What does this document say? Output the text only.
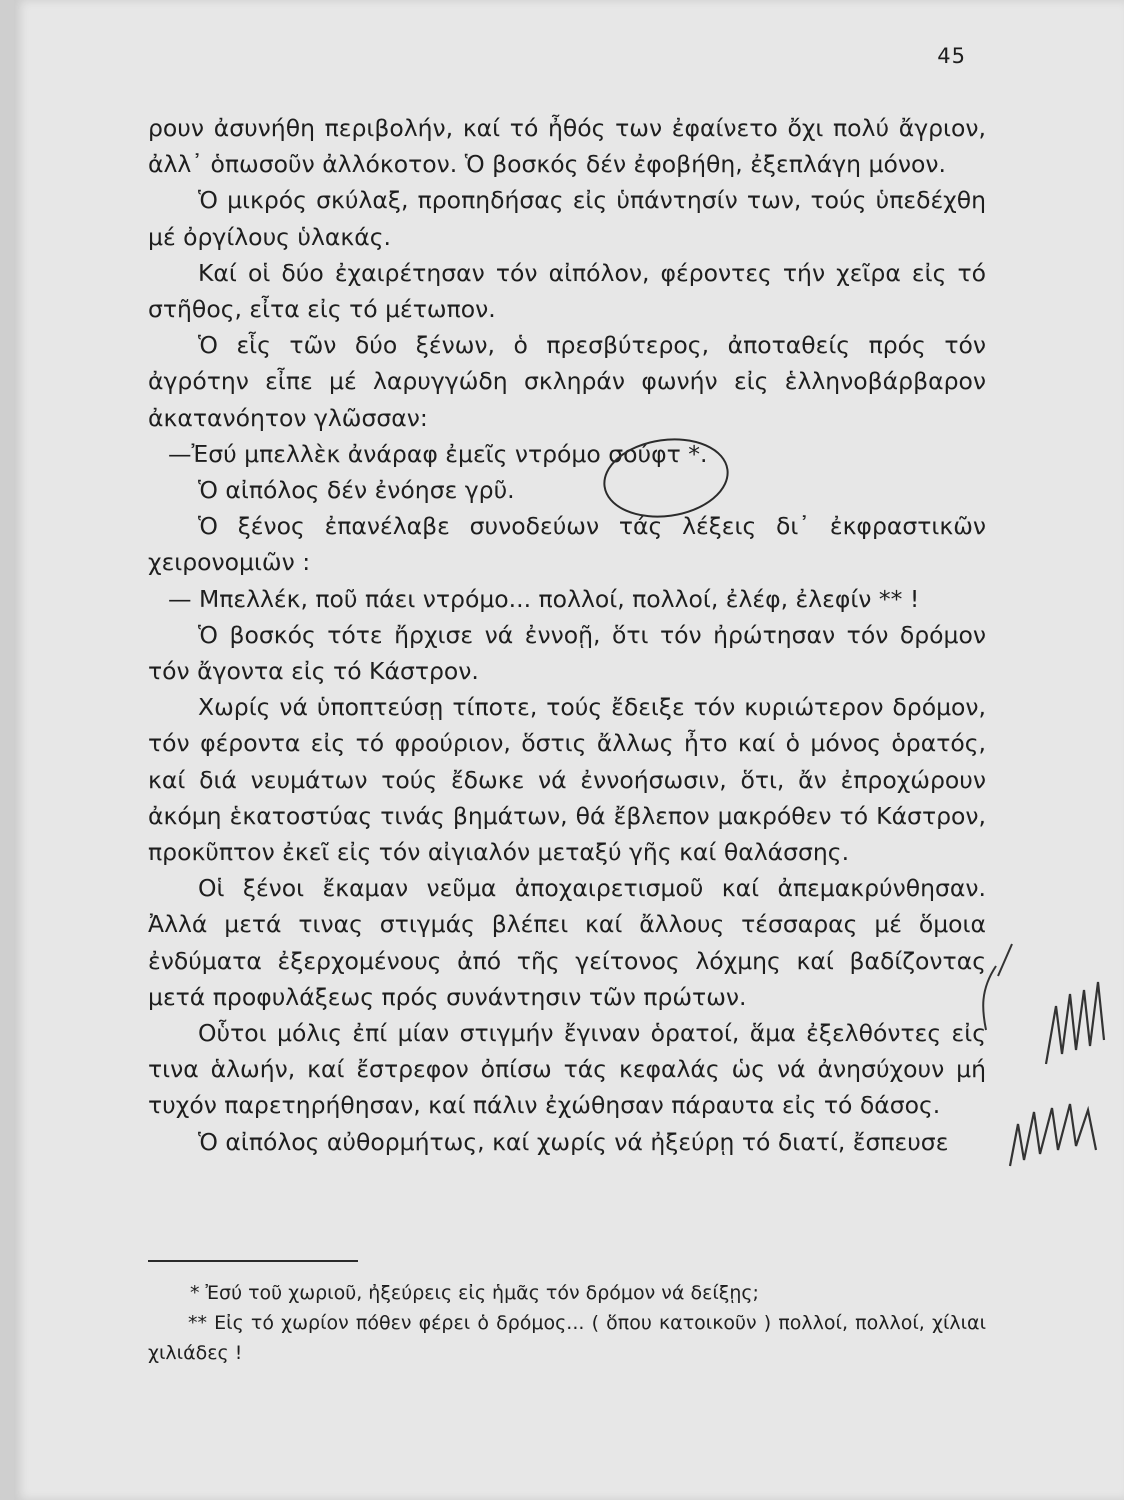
45

ρουν ἀσυνήθη περιβολήν, καί τό ἦθός των ἐφαίνετο ὄχι πολύ ἄγριον, ἀλλ᾽ ὁπωσοῦν ἀλλόκοτον. Ὁ βοσκός δέν ἐφοβήθη, ἐξεπλάγη μόνον.

Ὁ μικρός σκύλαξ, προπηδήσας εἰς ὑπάντησίν των, τούς ὑπεδέχθη μέ ὀργίλους ὑλακάς.

Καί οἱ δύο ἐχαιρέτησαν τόν αἰπόλον, φέροντες τήν χεῖρα εἰς τό στῆθος, εἶτα εἰς τό μέτωπον.

Ὁ εἷς τῶν δύο ξένων, ὁ πρεσβύτερος, ἀποταθείς πρός τόν ἀγρότην εἶπε μέ λαρυγγώδη σκληράν φωνήν εἰς ἑλληνοβάρβαρον ἀκατανόητον γλῶσσαν:

—Ἐσύ μπελλὲκ ἀνάραφ ἐμεῖς ντρόμο σούφτ *.

Ὁ αἰπόλος δέν ἐνόησε γρῦ.

Ὁ ξένος ἐπανέλαβε συνοδεύων τάς λέξεις δι᾽ ἐκφραστικῶν χειρονομιῶν :

— Μπελλέκ, ποῦ πάει ντρόμο... πολλοί, πολλοί, ἐλέφ, ἐλεφίν ** !

Ὁ βοσκός τότε ἤρχισε νά ἐννοῇ, ὅτι τόν ἠρώτησαν τόν δρόμον τόν ἄγοντα εἰς τό Κάστρον.

Χωρίς νά ὑποπτεύσῃ τίποτε, τούς ἔδειξε τόν κυριώτερον δρόμον, τόν φέροντα εἰς τό φρούριον, ὅστις ἄλλως ἦτο καί ὁ μόνος ὁρατός, καί διά νευμάτων τούς ἔδωκε νά ἐννοήσωσιν, ὅτι, ἄν ἐπροχώρουν ἀκόμη ἑκατοστύας τινάς βημάτων, θά ἔβλεπον μακρόθεν τό Κάστρον, προκῦπτον ἐκεῖ εἰς τόν αἰγιαλόν μεταξύ γῆς καί θαλάσσης.

Οἱ ξένοι ἔκαμαν νεῦμα ἀποχαιρετισμοῦ καί ἀπεμακρύνθησαν. Ἀλλά μετά τινας στιγμάς βλέπει καί ἄλλους τέσσαρας μέ ὅμοια ἐνδύματα ἐξερχομένους ἀπό τῆς γείτονος λόχμης καί βαδίζοντας μετά προφυλάξεως πρός συνάντησιν τῶν πρώτων.

Οὗτοι μόλις ἐπί μίαν στιγμήν ἔγιναν ὁρατοί, ἅμα ἐξελθόντες εἰς τινα ἁλωήν, καί ἔστρεφον ὀπίσω τάς κεφαλάς ὡς νά ἀνησύχουν μή τυχόν παρετηρήθησαν, καί πάλιν ἐχώθησαν πάραυτα εἰς τό δάσος.

Ὁ αἰπόλος αὐθορμήτως, καί χωρίς νά ἠξεύρῃ τό διατί, ἔσπευσε

* Ἐσύ τοῦ χωριοῦ, ἠξεύρεις εἰς ἡμᾶς τόν δρόμον νά δείξῃς;

** Εἰς τό χωρίον πόθεν φέρει ὁ δρόμος... ( ὅπου κατοικοῦν ) πολλοί, πολλοί, χίλιαι χιλιάδες !
